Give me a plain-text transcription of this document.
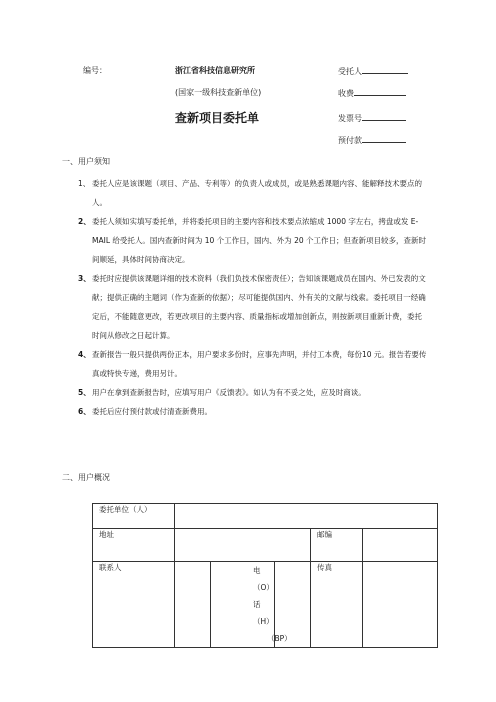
编号：	浙江省科技信息研究所
(国家一级科技查新单位)
查新项目委托单
受托人
收费
发票号
预付款
一、用户须知
1、 委托人应是该课题（项目、产品、专利等）的负责人或成员，或是熟悉课题内容、能解释技术要点的人。
2、 委托人须如实填写委托单，并将委托项目的主要内容和技术要点浓缩成 1000 字左右，拷盘或发 E-MAIL 给受托人。国内查新时间为 10 个工作日，国内、外为 20 个工作日；但查新项目较多，查新时间顺延，具体时间协商决定。
3、 委托时应提供该课题详细的技术资料（我们负技术保密责任）；告知该课题成员在国内、外已发表的文献；提供正确的主题词（作为查新的依据）；尽可能提供国内、外有关的文献与线索。委托项目一经确定后，不能随意更改，若更改项目的主要内容、质量指标或增加创新点，则按新项目重新计费，委托时间从修改之日起计算。
4、 查新报告一般只提供两份正本，用户要求多份时，应事先声明，并付工本费，每份10 元。报告若要传真或特快专递，费用另计。
5、 用户在拿到查新报告时，应填写用户《反馈表》。如认为有不妥之处，应及时商谈。
6、 委托后应付预付款或付清查新费用。
二、用户概况
委托单位（人）					
地址				邮编	
联系人		电（O）
话 （H）
（BP）		传真	
